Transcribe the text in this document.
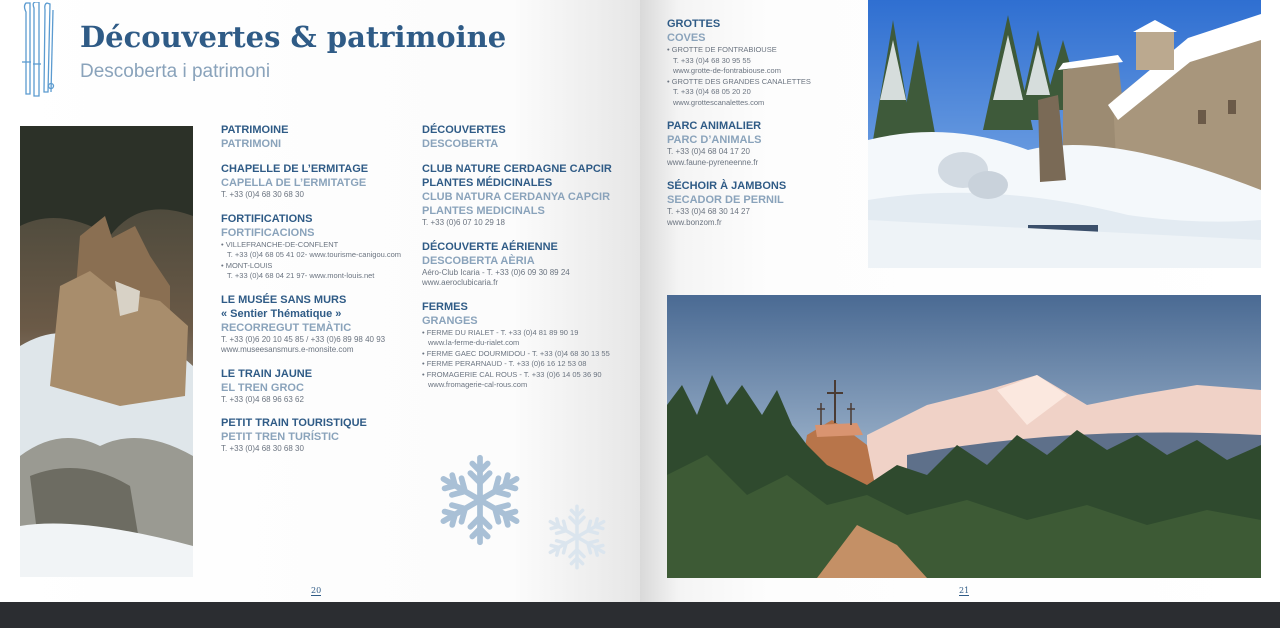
Découvertes & patrimoine
Descoberta i patrimoni
PATRIMOINE
PATRIMONI
CHAPELLE DE L’ERMITAGE
CAPELLA DE L’ERMITATGE
T. +33 (0)4 68 30 68 30
FORTIFICATIONS
FORTIFICACIONS
• VILLEFRANCHE-DE-CONFLENT
T. +33 (0)4 68 05 41 02- www.tourisme-canigou.com
• MONT-LOUIS
T. +33 (0)4 68 04 21 97- www.mont-louis.net
LE MUSÉE SANS MURS
« Sentier Thématique »
RECORREGUT TEMÀTIC
T. +33 (0)6 20 10 45 85 / +33 (0)6 89 98 40 93
www.museesansmurs.e-monsite.com
LE TRAIN JAUNE
EL TREN GROC
T. +33 (0)4 68 96 63 62
PETIT TRAIN TOURISTIQUE
PETIT TREN TURÍSTIC
T. +33 (0)4 68 30 68 30
DÉCOUVERTES
DESCOBERTA
CLUB NATURE CERDAGNE CAPCIR
PLANTES MÉDICINALES
CLUB NATURA CERDANYA CAPCIR
PLANTES MEDICINALS
T. +33 (0)6 07 10 29 18
DÉCOUVERTE AÉRIENNE
DESCOBERTA AÈRIA
Aéro-Club Icaria - T. +33 (0)6 09 30 89 24
www.aeroclubicaria.fr
FERMES
GRANGES
• FERME DU RIALET - T. +33 (0)4 81 89 90 19
www.la-ferme-du-rialet.com
• FERME GAEC DOURMIDOU - T. +33 (0)4 68 30 13 55
• FERME PERARNAUD - T. +33 (0)6 16 12 53 08
• FROMAGERIE CAL ROUS - T. +33 (0)6 14 05 36 90
www.fromagerie-cal-rous.com
20
GROTTES
COVES
• GROTTE DE FONTRABIOUSE
T. +33 (0)4 68 30 95 55
www.grotte-de-fontrabiouse.com
• GROTTE DES GRANDES CANALETTES
T. +33 (0)4 68 05 20 20
www.grottescanalettes.com
PARC ANIMALIER
PARC D’ANIMALS
T. +33 (0)4 68 04 17 20
www.faune-pyreneenne.fr
SÉCHOIR À JAMBONS
SECADOR DE PERNIL
T. +33 (0)4 68 30 14 27
www.bonzom.fr
21
